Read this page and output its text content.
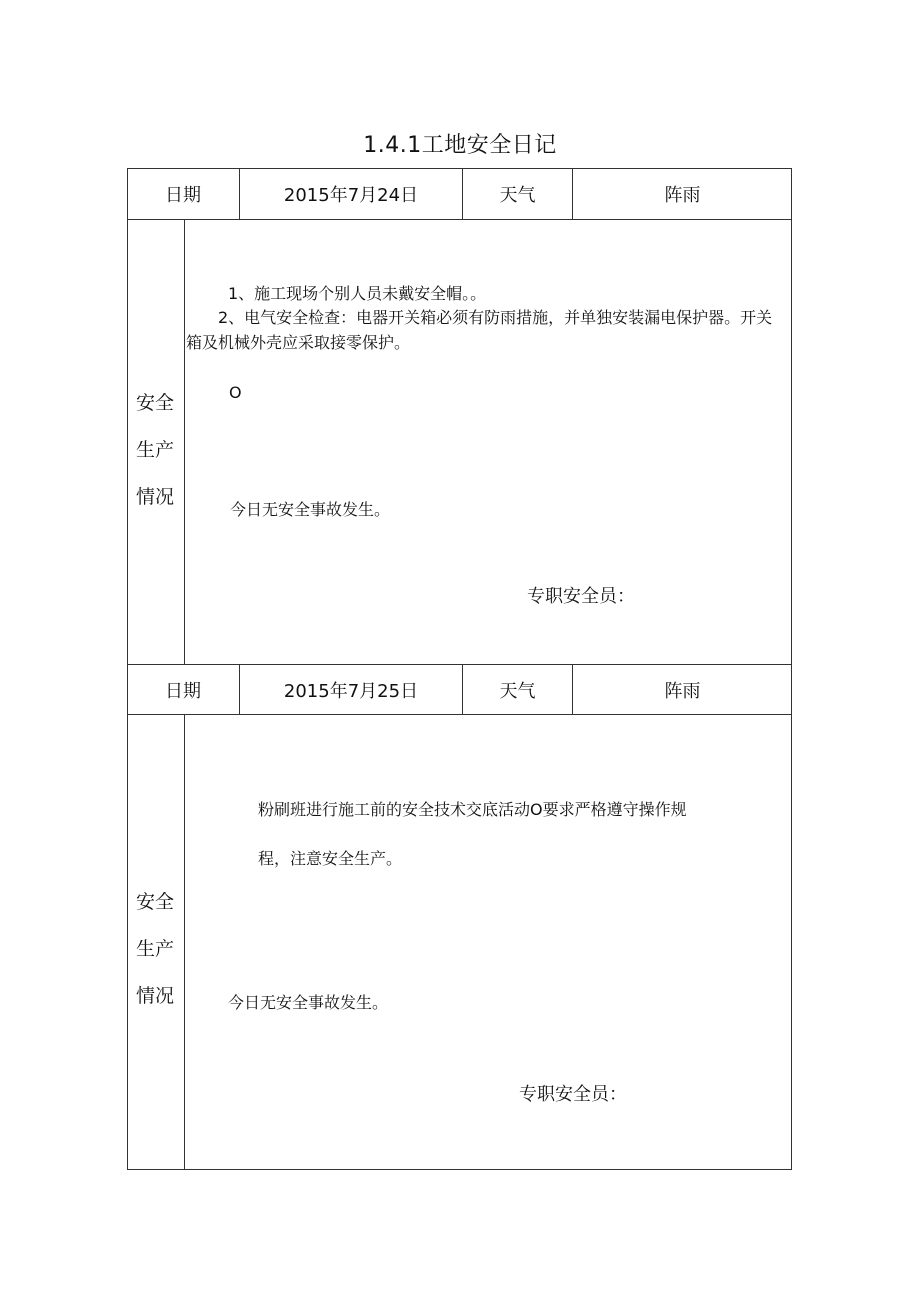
1.4.1工地安全日记
日期	2015年7月24日	天气	阵雨
安全
生产
情况
1、施工现场个别人员未戴安全帽。。
2、电气安全检查：电器开关箱必须有防雨措施，并单独安装漏电保护器。开关箱及机械外壳应采取接零保护。
O
今日无安全事故发生。
专职安全员：
日期	2015年7月25日	天气	阵雨
安全
生产
情况
粉刷班进行施工前的安全技术交底活动O要求严格遵守操作规
程，注意安全生产。
今日无安全事故发生。
专职安全员：
